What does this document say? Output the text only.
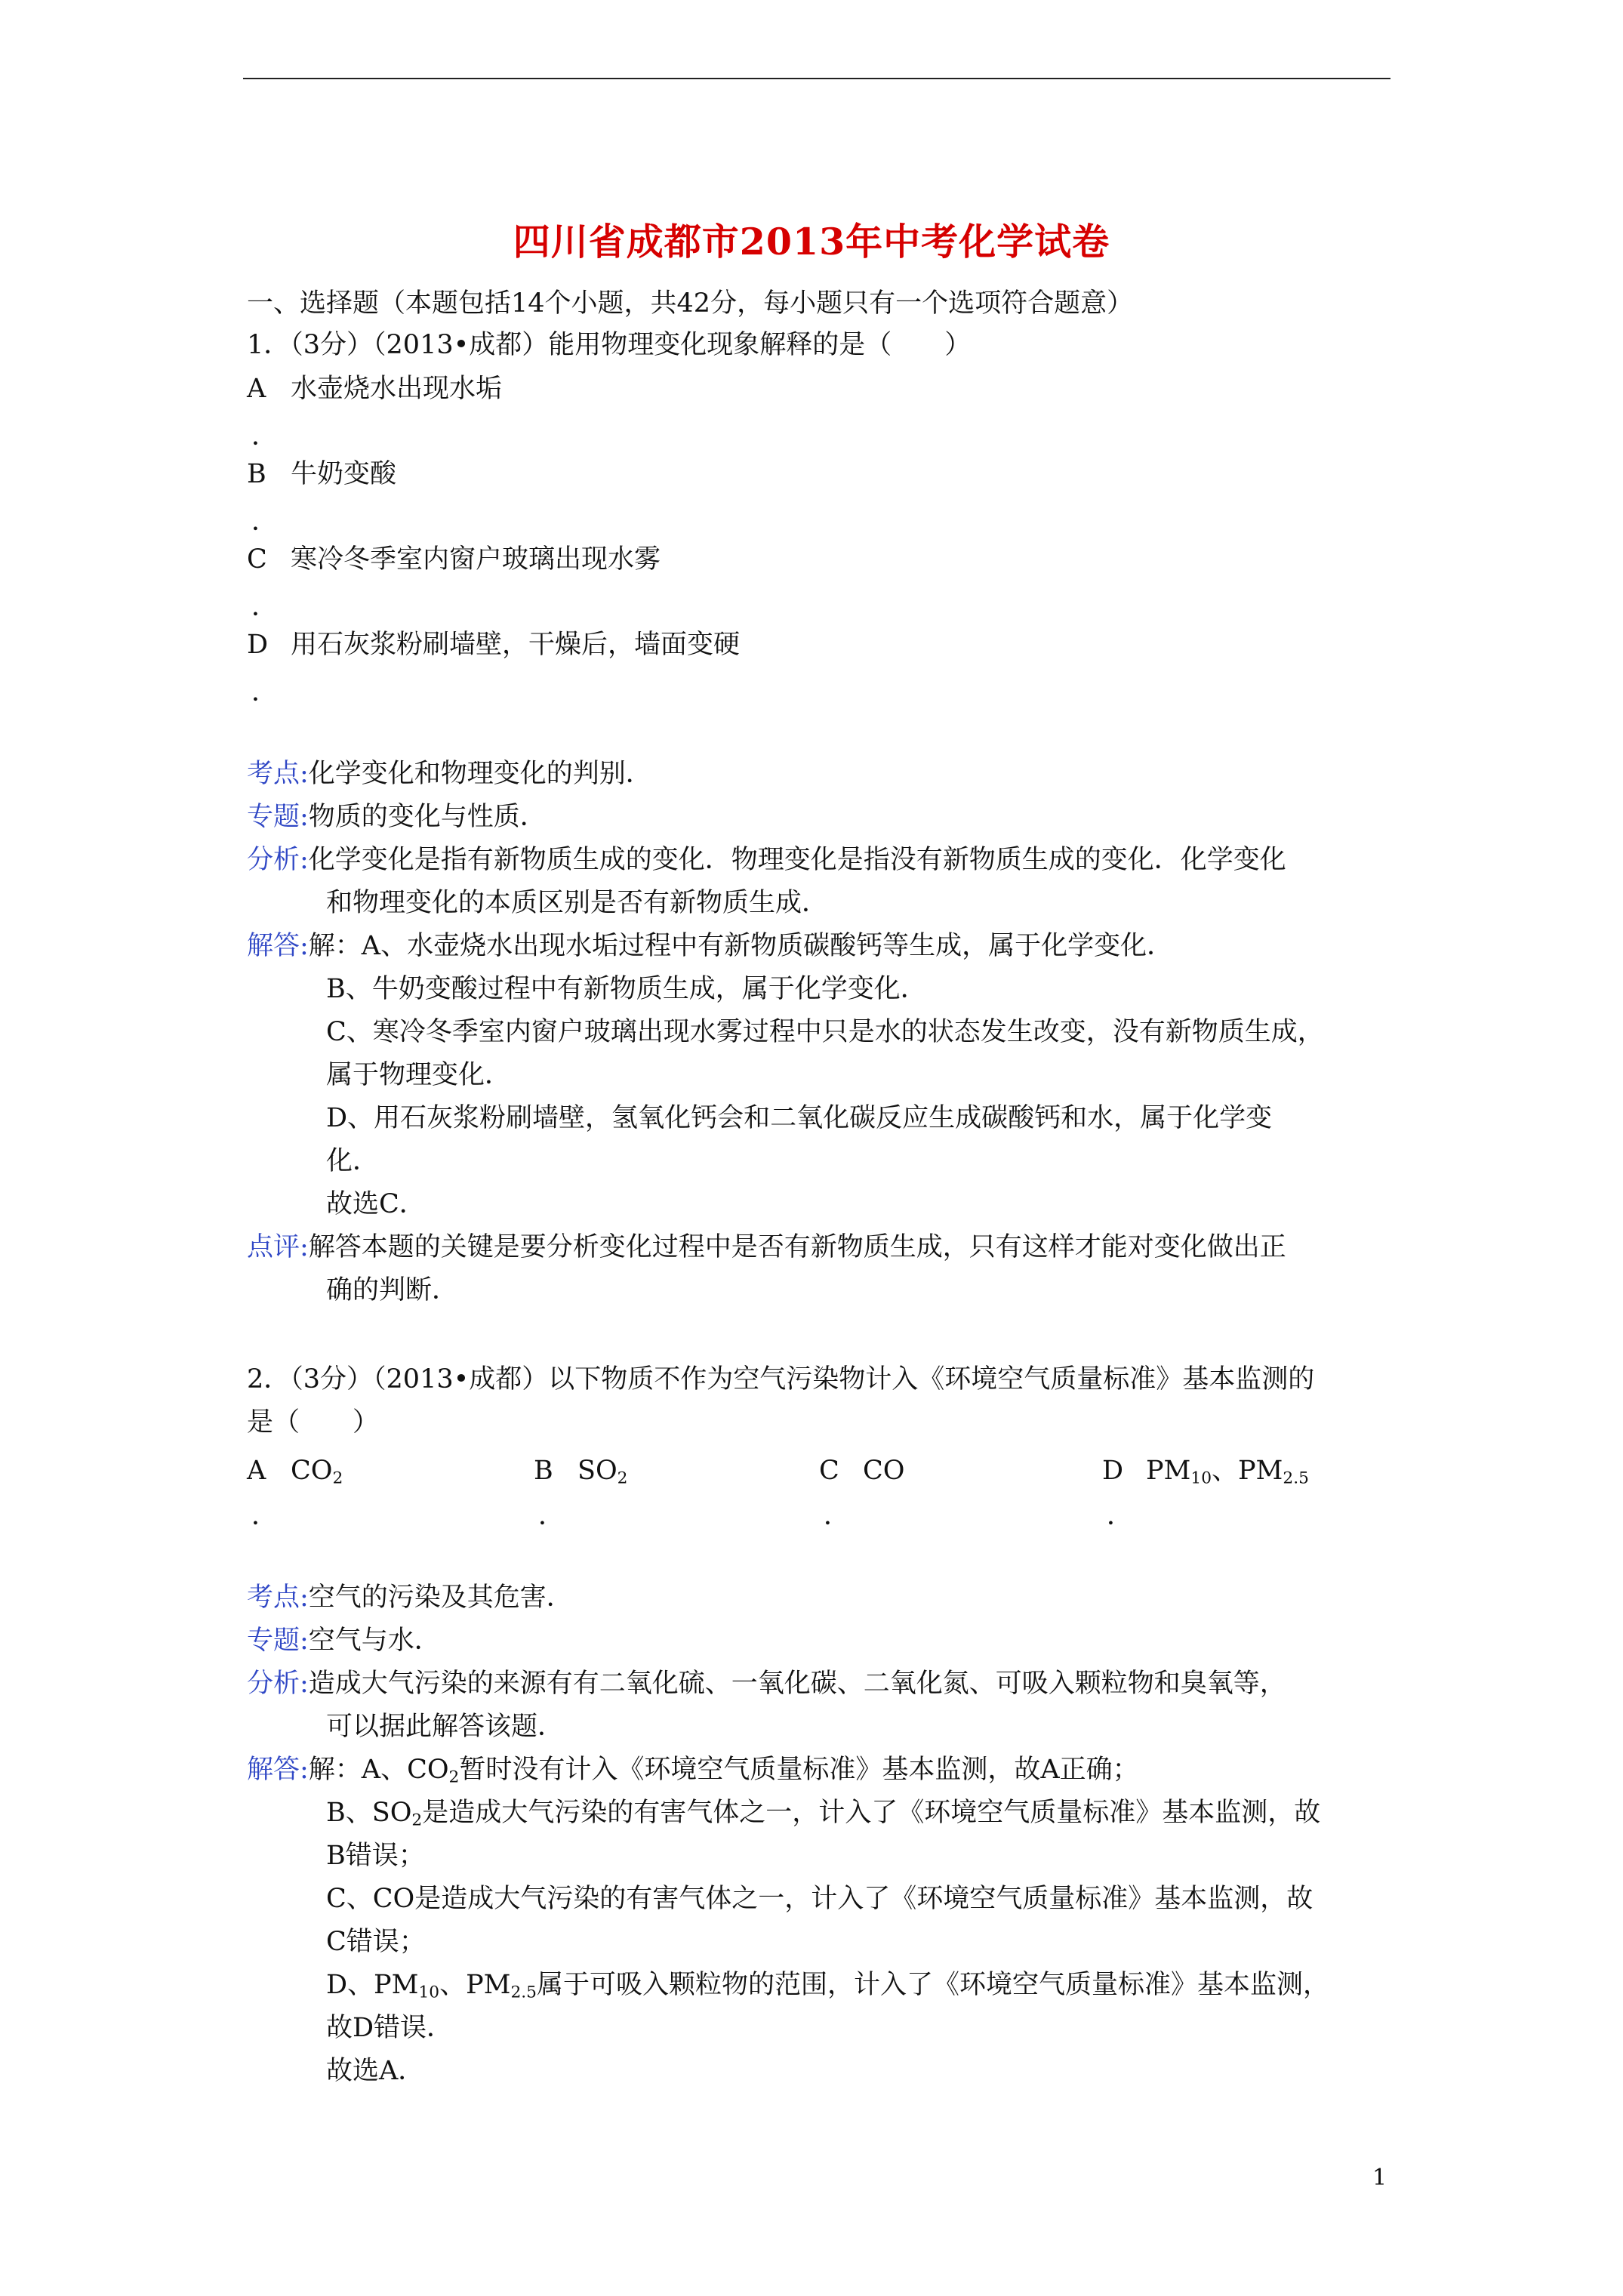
四川省成都市2013年中考化学试卷
一、选择题（本题包括14个小题，共42分，每小题只有一个选项符合题意）
1．（3分）（2013•成都）能用物理变化现象解释的是（　　）
A 水壶烧水出现水垢
．
B 牛奶变酸
．
C 寒冷冬季室内窗户玻璃出现水雾
．
D 用石灰浆粉刷墙壁，干燥后，墙面变硬
．
考点:化学变化和物理变化的判别．
专题:物质的变化与性质．
分析:化学变化是指有新物质生成的变化．物理变化是指没有新物质生成的变化．化学变化
和物理变化的本质区别是否有新物质生成．
解答:解：A、水壶烧水出现水垢过程中有新物质碳酸钙等生成，属于化学变化．
B、牛奶变酸过程中有新物质生成，属于化学变化．
C、寒冷冬季室内窗户玻璃出现水雾过程中只是水的状态发生改变，没有新物质生成，
属于物理变化．
D、用石灰浆粉刷墙壁，氢氧化钙会和二氧化碳反应生成碳酸钙和水，属于化学变
化．
故选C．
点评:解答本题的关键是要分析变化过程中是否有新物质生成，只有这样才能对变化做出正
确的判断．
2．（3分）（2013•成都）以下物质不作为空气污染物计入《环境空气质量标准》基本监测的
是（　　）
A $CO_2$	B $SO_2$	C CO	D $PM_{10}$、$PM_{2.5}$
．	．	．	．
考点:空气的污染及其危害．
专题:空气与水．
分析:造成大气污染的来源有有二氧化硫、一氧化碳、二氧化氮、可吸入颗粒物和臭氧等，
可以据此解答该题．
解答:解：A、$CO_2$暂时没有计入《环境空气质量标准》基本监测，故A正确；
B、$SO_2$是造成大气污染的有害气体之一，计入了《环境空气质量标准》基本监测，故
B错误；
C、CO是造成大气污染的有害气体之一，计入了《环境空气质量标准》基本监测，故
C错误；
D、$PM_{10}$、$PM_{2.5}$属于可吸入颗粒物的范围，计入了《环境空气质量标准》基本监测，
故D错误．
故选A．
1
